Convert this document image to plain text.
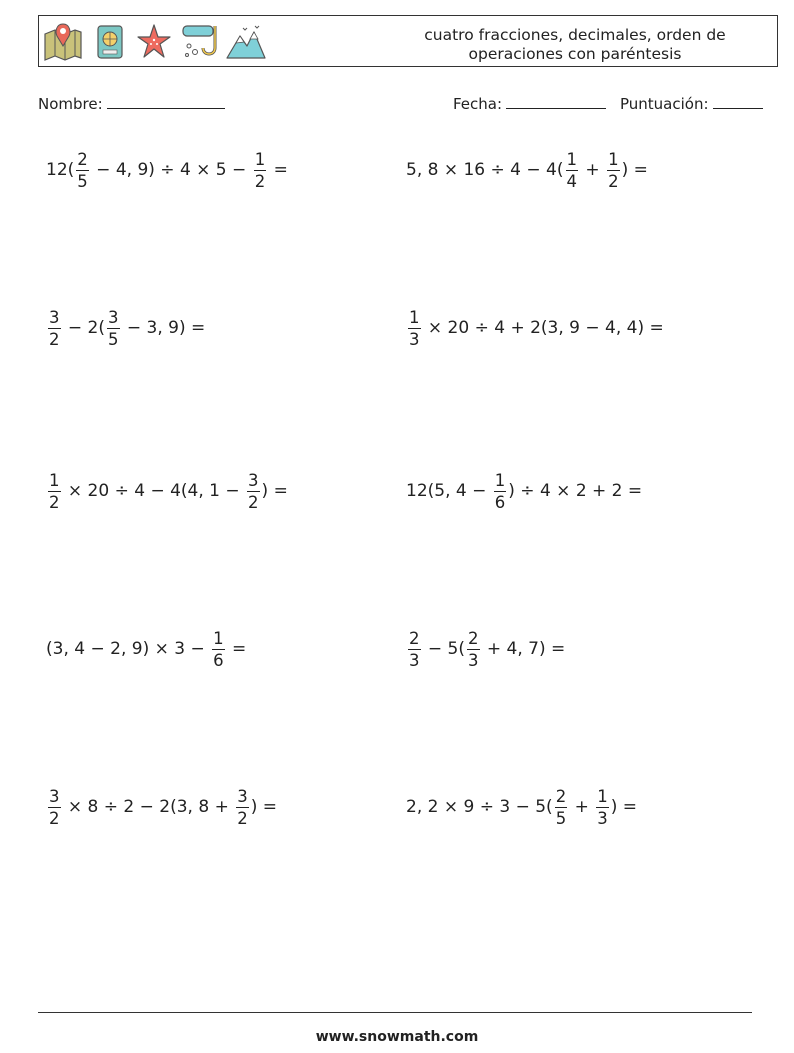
cuatro fracciones, decimales, orden de
operaciones con paréntesis
Nombre:	Fecha:	Puntuación:
$12( \frac{2}{5} - 4$, $9) \div 4 \times 5 - \frac{1}{2}$ =	5, $8 \times 16 \div 4 - 4( \frac{1}{4} + \frac{1}{2}$ ) =
$\frac{3}{2} - 2( \frac{3}{5} - 3$, 9) =	$\frac{1}{3} \times 20 \div 4 + 2(3$, 9 − 4, 4) =
$\frac{1}{2} \times 20 \div 4 - 4(4$, $1 - \frac{3}{2}$ ) =	12(5, $4 - \frac{1}{6}$ ) ÷ 4 × 2 + 2 =
(3, 4 − 2, $9) \times 3 - \frac{1}{6}$ =	$\frac{2}{3} - 5( \frac{2}{3} + 4$, 7) =
$\frac{3}{2} \times 8 \div 2 - 2(3$, $8 + \frac{3}{2}$ ) =	2, $2 \times 9 \div 3 - 5( \frac{2}{5} + \frac{1}{3}$ ) =
www.snowmath.com
